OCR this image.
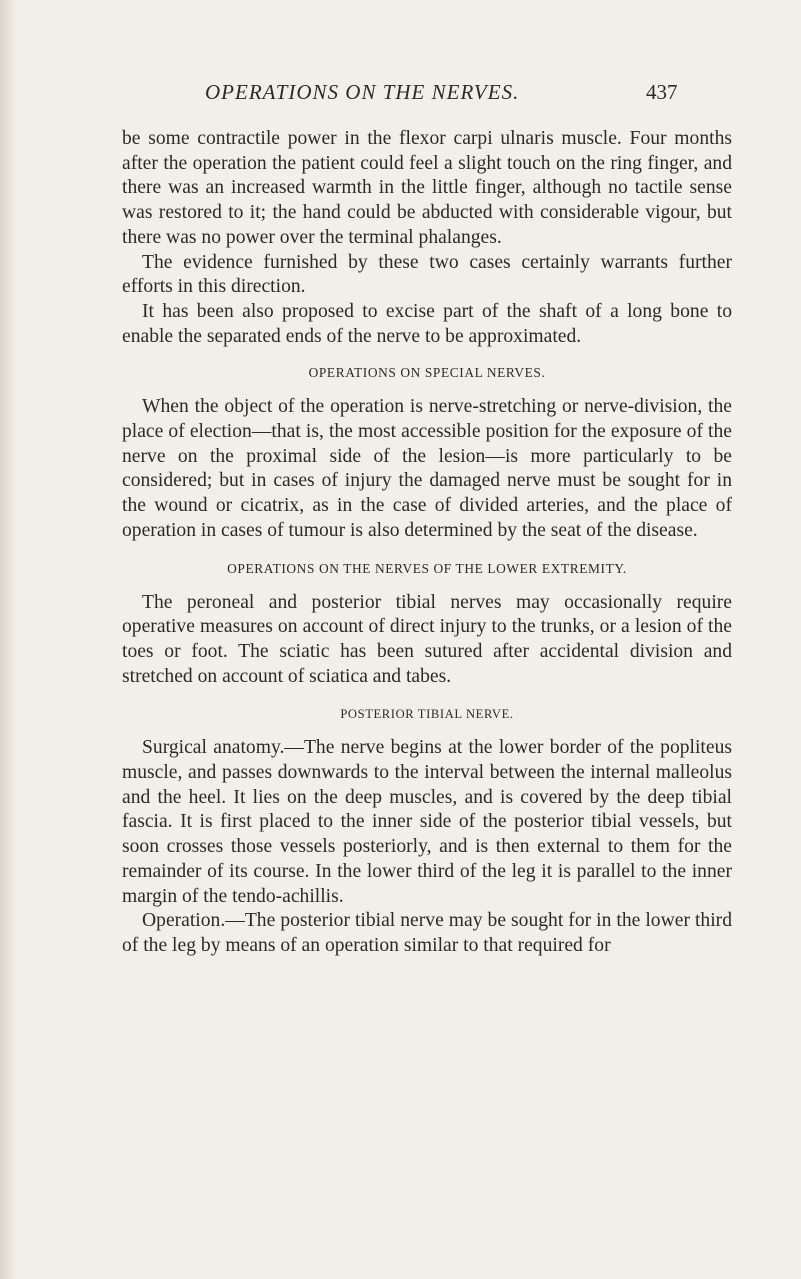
OPERATIONS ON THE NERVES.	437

be some contractile power in the flexor carpi ulnaris muscle. Four months after the operation the patient could feel a slight touch on the ring finger, and there was an increased warmth in the little finger, although no tactile sense was restored to it; the hand could be abducted with considerable vigour, but there was no power over the terminal phalanges.

The evidence furnished by these two cases certainly warrants further efforts in this direction.

It has been also proposed to excise part of the shaft of a long bone to enable the separated ends of the nerve to be approximated.

OPERATIONS ON SPECIAL NERVES.

When the object of the operation is nerve-stretching or nerve-division, the place of election—that is, the most accessible position for the exposure of the nerve on the proximal side of the lesion—is more particularly to be considered; but in cases of injury the damaged nerve must be sought for in the wound or cicatrix, as in the case of divided arteries, and the place of operation in cases of tumour is also determined by the seat of the disease.

OPERATIONS ON THE NERVES OF THE LOWER EXTREMITY.

The peroneal and posterior tibial nerves may occasionally require operative measures on account of direct injury to the trunks, or a lesion of the toes or foot. The sciatic has been sutured after accidental division and stretched on account of sciatica and tabes.

POSTERIOR TIBIAL NERVE.

Surgical anatomy.—The nerve begins at the lower border of the popliteus muscle, and passes downwards to the interval between the internal malleolus and the heel. It lies on the deep muscles, and is covered by the deep tibial fascia. It is first placed to the inner side of the posterior tibial vessels, but soon crosses those vessels posteriorly, and is then external to them for the remainder of its course. In the lower third of the leg it is parallel to the inner margin of the tendo-achillis.

Operation.—The posterior tibial nerve may be sought for in the lower third of the leg by means of an operation similar to that required for
